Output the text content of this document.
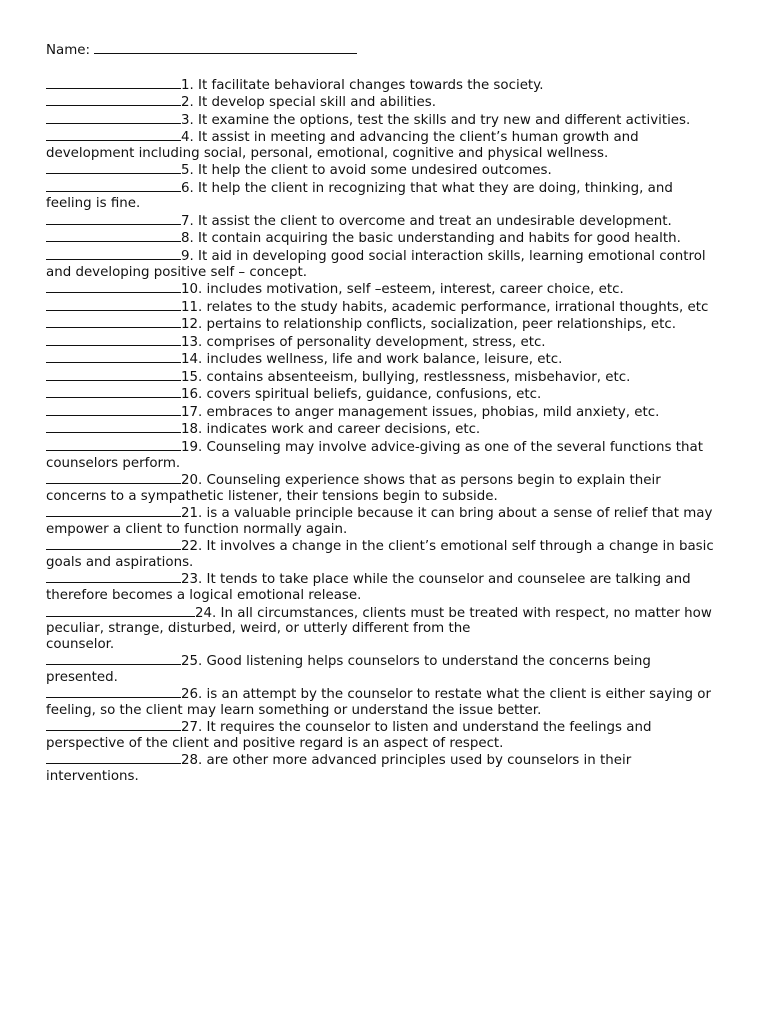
Name:

1. It facilitate behavioral changes towards the society.

2. It develop special skill and abilities.

3. It examine the options, test the skills and try new and different activities.

4. It assist in meeting and advancing the client’s human growth and development including social, personal, emotional, cognitive and physical wellness.

5. It help the client to avoid some undesired outcomes.

6. It help the client in recognizing that what they are doing, thinking, and feeling is fine.

7. It assist the client to overcome and treat an undesirable development.

8. It contain acquiring the basic understanding and habits for good health.

9. It aid in developing good social interaction skills, learning emotional control and developing positive self – concept.

10. includes motivation, self –esteem, interest, career choice, etc.

11. relates to the study habits, academic performance, irrational thoughts, etc

12. pertains to relationship conflicts, socialization, peer relationships, etc.

13. comprises of personality development, stress, etc.

14. includes wellness, life and work balance, leisure, etc.

15. contains absenteeism, bullying, restlessness, misbehavior, etc.

16. covers spiritual beliefs, guidance, confusions, etc.

17. embraces to anger management issues, phobias, mild anxiety, etc.

18. indicates work and career decisions, etc.

19. Counseling may involve advice-giving as one of the several functions that counselors perform.

20. Counseling experience shows that as persons begin to explain their concerns to a sympathetic listener, their tensions begin to subside.

21. is a valuable principle because it can bring about a sense of relief that may empower a client to function normally again.

22. It involves a change in the client’s emotional self through a change in basic goals and aspirations.

23. It tends to take place while the counselor and counselee are talking and therefore becomes a logical emotional release.

24. In all circumstances, clients must be treated with respect, no matter how peculiar, strange, disturbed, weird, or utterly different from the
counselor.

25. Good listening helps counselors to understand the concerns being presented.

26. is an attempt by the counselor to restate what the client is either saying or feeling, so the client may learn something or understand the issue better.

27. It requires the counselor to listen and understand the feelings and perspective of the client and positive regard is an aspect of respect.

28. are other more advanced principles used by counselors in their interventions.
